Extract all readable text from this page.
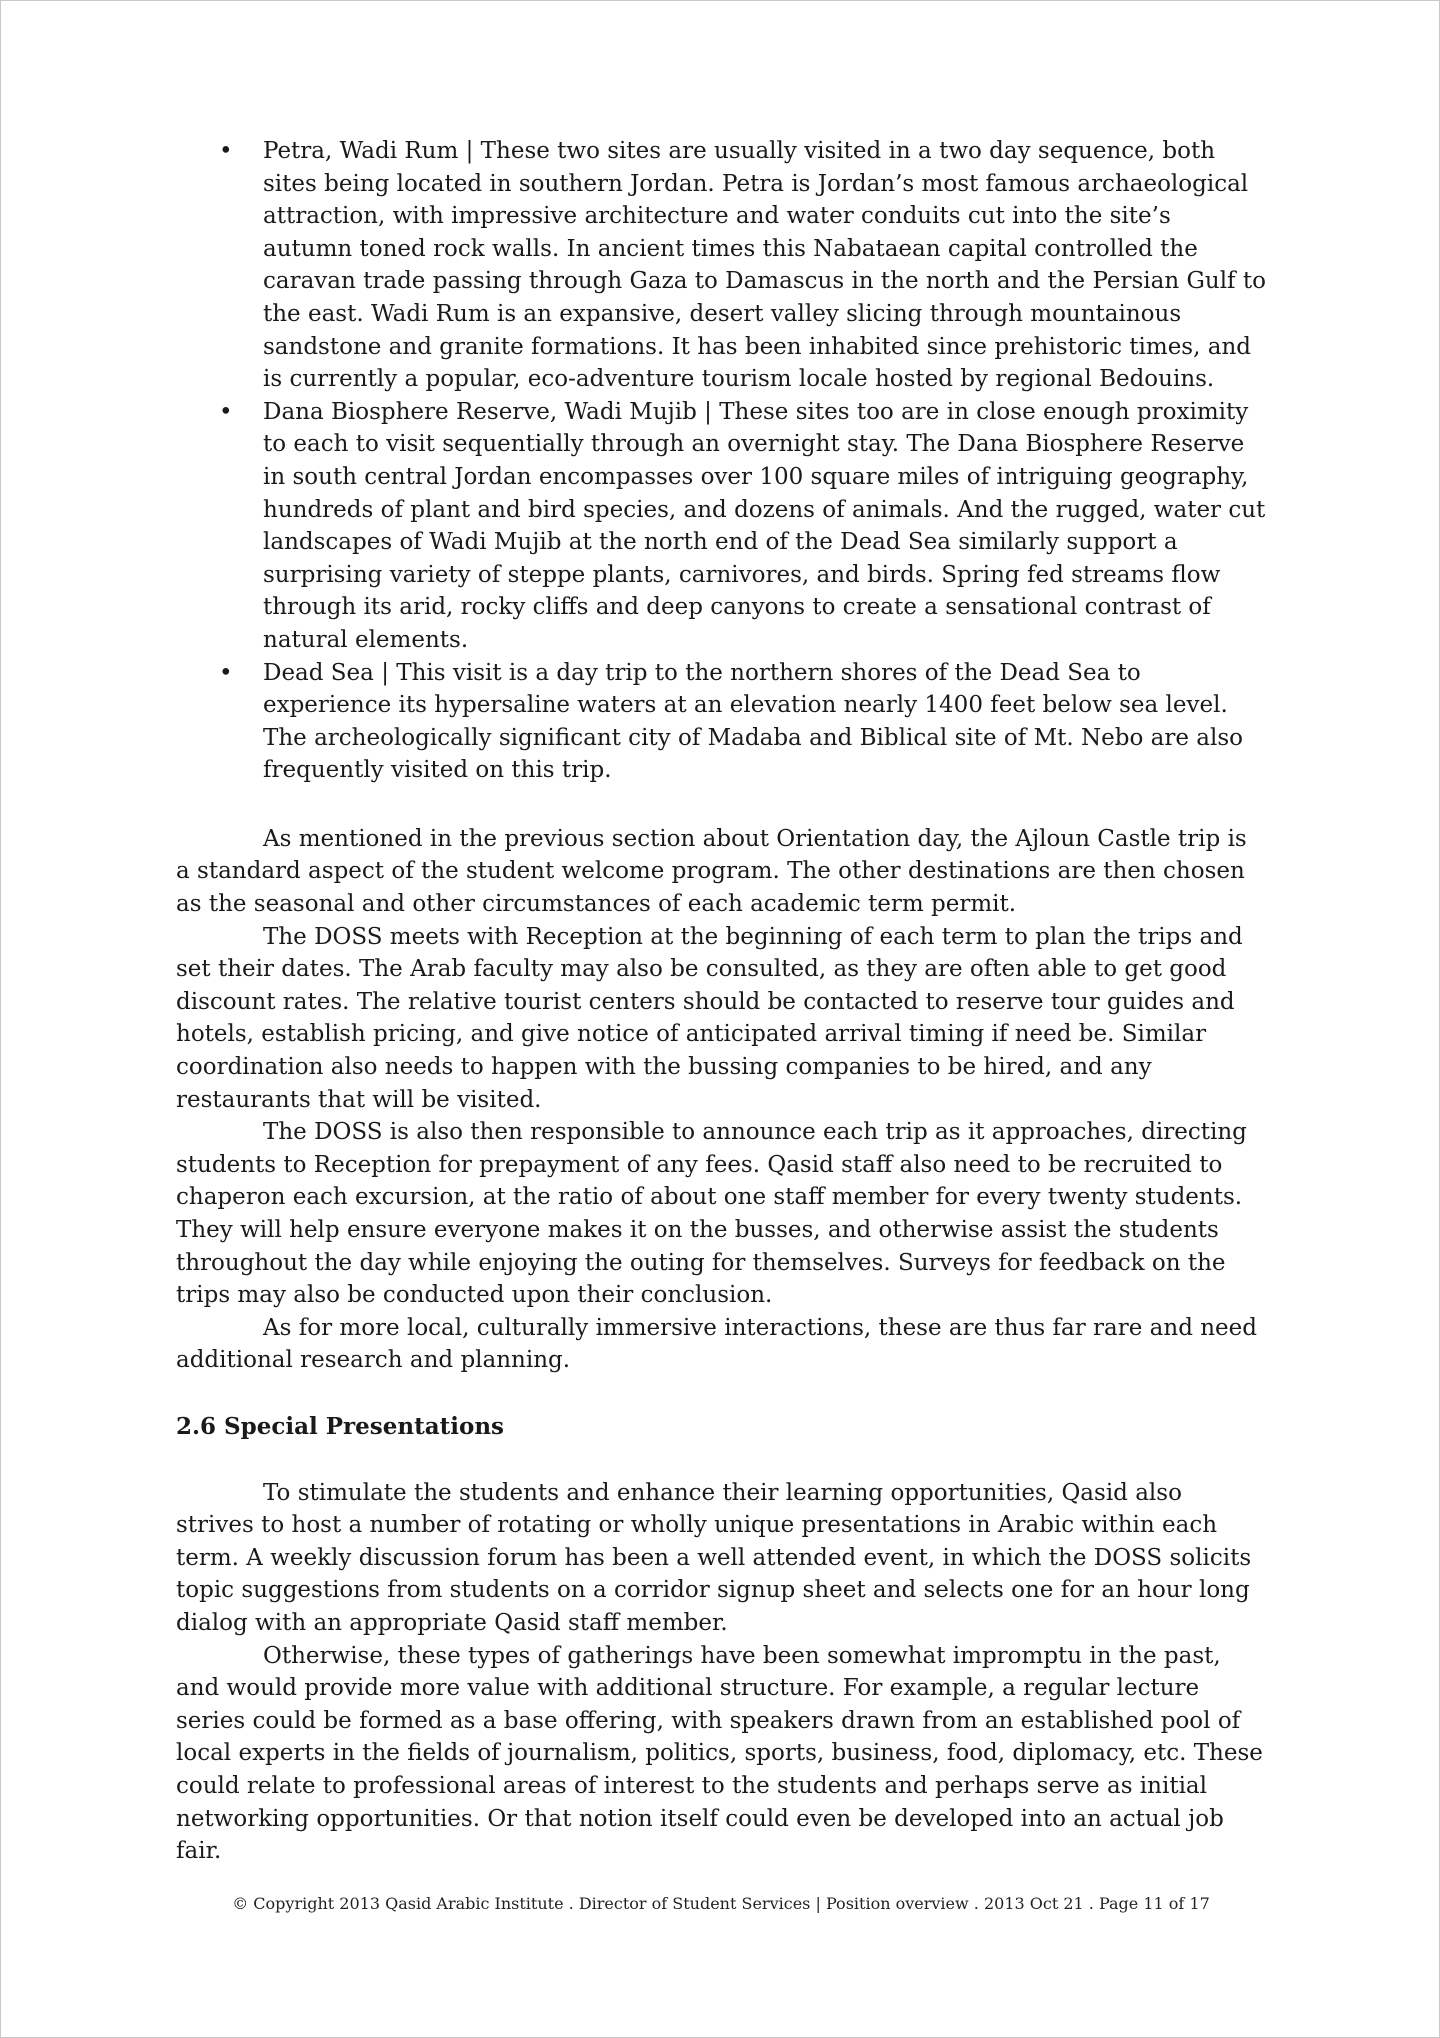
• Petra, Wadi Rum | These two sites are usually visited in a two day sequence, both sites being located in southern Jordan. Petra is Jordan’s most famous archaeological attraction, with impressive architecture and water conduits cut into the site’s autumn toned rock walls. In ancient times this Nabataean capital controlled the caravan trade passing through Gaza to Damascus in the north and the Persian Gulf to the east. Wadi Rum is an expansive, desert valley slicing through mountainous sandstone and granite formations. It has been inhabited since prehistoric times, and is currently a popular, eco-adventure tourism locale hosted by regional Bedouins.
• Dana Biosphere Reserve, Wadi Mujib | These sites too are in close enough proximity to each to visit sequentially through an overnight stay. The Dana Biosphere Reserve in south central Jordan encompasses over 100 square miles of intriguing geography, hundreds of plant and bird species, and dozens of animals. And the rugged, water cut landscapes of Wadi Mujib at the north end of the Dead Sea similarly support a surprising variety of steppe plants, carnivores, and birds. Spring fed streams flow through its arid, rocky cliffs and deep canyons to create a sensational contrast of natural elements.
• Dead Sea | This visit is a day trip to the northern shores of the Dead Sea to experience its hypersaline waters at an elevation nearly 1400 feet below sea level. The archeologically significant city of Madaba and Biblical site of Mt. Nebo are also frequently visited on this trip.

As mentioned in the previous section about Orientation day, the Ajloun Castle trip is a standard aspect of the student welcome program. The other destinations are then chosen as the seasonal and other circumstances of each academic term permit.

The DOSS meets with Reception at the beginning of each term to plan the trips and set their dates. The Arab faculty may also be consulted, as they are often able to get good discount rates. The relative tourist centers should be contacted to reserve tour guides and hotels, establish pricing, and give notice of anticipated arrival timing if need be. Similar coordination also needs to happen with the bussing companies to be hired, and any restaurants that will be visited.

The DOSS is also then responsible to announce each trip as it approaches, directing students to Reception for prepayment of any fees. Qasid staff also need to be recruited to chaperon each excursion, at the ratio of about one staff member for every twenty students. They will help ensure everyone makes it on the busses, and otherwise assist the students throughout the day while enjoying the outing for themselves. Surveys for feedback on the trips may also be conducted upon their conclusion.

As for more local, culturally immersive interactions, these are thus far rare and need additional research and planning.

2.6 Special Presentations

To stimulate the students and enhance their learning opportunities, Qasid also strives to host a number of rotating or wholly unique presentations in Arabic within each term. A weekly discussion forum has been a well attended event, in which the DOSS solicits topic suggestions from students on a corridor signup sheet and selects one for an hour long dialog with an appropriate Qasid staff member.

Otherwise, these types of gatherings have been somewhat impromptu in the past, and would provide more value with additional structure. For example, a regular lecture series could be formed as a base offering, with speakers drawn from an established pool of local experts in the fields of journalism, politics, sports, business, food, diplomacy, etc. These could relate to professional areas of interest to the students and perhaps serve as initial networking opportunities. Or that notion itself could even be developed into an actual job fair.

© Copyright 2013 Qasid Arabic Institute . Director of Student Services | Position overview . 2013 Oct 21 . Page 11 of 17
